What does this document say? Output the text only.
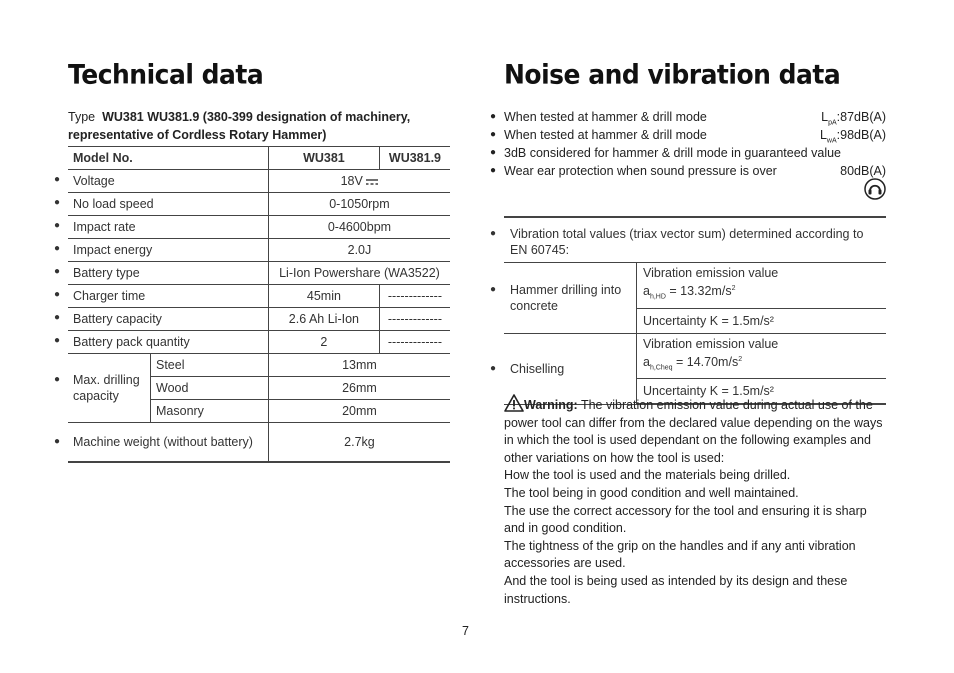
Technical data
Type WU381 WU381.9 (380-399 designation of machinery, representative of Cordless Rotary Hammer)
Model No.		WU381	WU381.9

● Voltage		18V	

● No load speed		0-1050rpm	

● Impact rate		0-4600bpm	

● Impact energy		2.0J	

● Battery type		Li-Ion Powershare (WA3522)	

● Charger time		45min	-------------

● Battery capacity		2.6 Ah Li-Ion	-------------

● Battery pack quantity		2	-------------

● Max. drilling capacity	Steel	13mm	
	Wood	26mm	
	Masonry	20mm	

● Machine weight (without battery)		2.7kg	
Noise and vibration data
● When tested at hammer & drill mode	$L_{pA}:87dB(A)$
● When tested at hammer & drill mode	$L_{wA}:98dB(A)$
● 3dB considered for hammer & drill mode in guaranteed value
● Wear ear protection when sound pressure is over	80dB(A)
● Vibration total values (triax vector sum) determined according to EN 60745:	

● Hammer drilling into concrete	Vibration emission value
$a_{h,HD} = 13.32m/s^2$
	Uncertainty K = 1.5m/s²

● Chiselling	Vibration emission value
$a_{h,Cheq} = 14.70m/s^2$
	Uncertainty K = 1.5m/s²

Warning: The vibration emission value during actual use of the power tool can differ from the declared value depending on the ways in which the tool is used dependant on the following examples and other variations on how the tool is used:

How the tool is used and the materials being drilled.

The tool being in good condition and well maintained.

The use the correct accessory for the tool and ensuring it is sharp and in good condition.

The tightness of the grip on the handles and if any anti vibration accessories are used.

And the tool is being used as intended by its design and these instructions.

7
